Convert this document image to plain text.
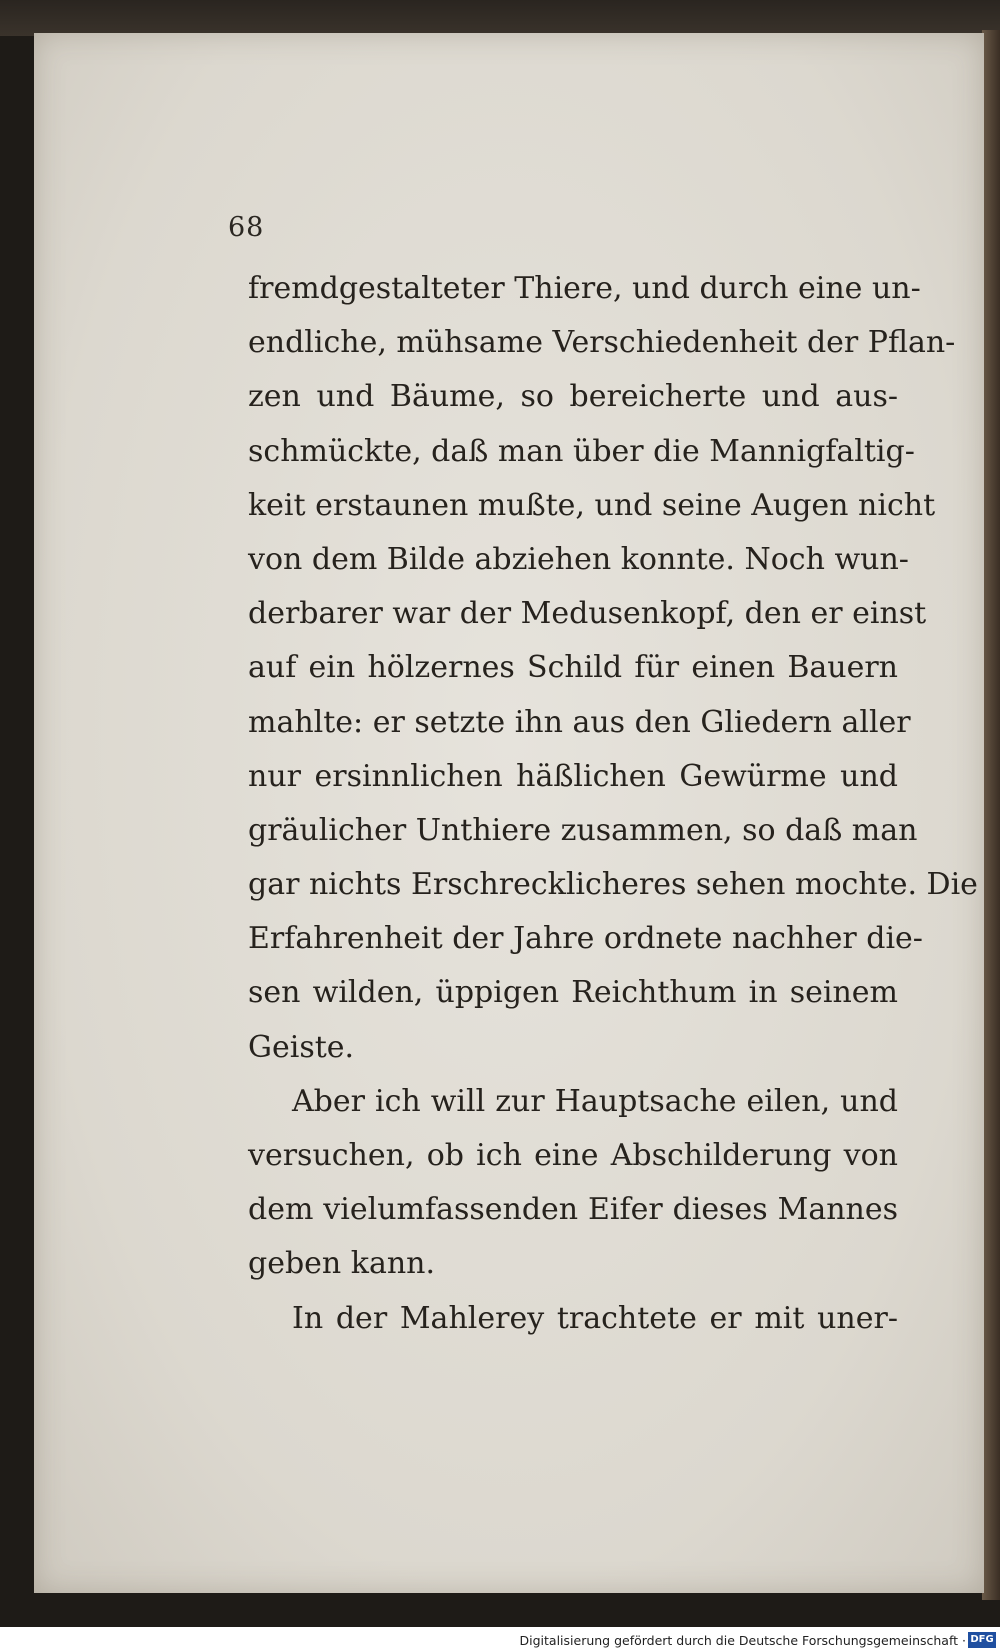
68
fremdgestalteter Thiere, und durch eine un-
endliche, mühsame Verschiedenheit der Pflan-
zen und Bäume, so bereicherte und aus-
schmückte, daß man über die Mannigfaltig-
keit erstaunen mußte, und seine Augen nicht
von dem Bilde abziehen konnte. Noch wun-
derbarer war der Medusenkopf, den er einst
auf ein hölzernes Schild für einen Bauern
mahlte: er setzte ihn aus den Gliedern aller
nur ersinnlichen häßlichen Gewürme und
gräulicher Unthiere zusammen, so daß man
gar nichts Erschrecklicheres sehen mochte. Die
Erfahrenheit der Jahre ordnete nachher die-
sen wilden, üppigen Reichthum in seinem
Geiste.
Aber ich will zur Hauptsache eilen, und
versuchen, ob ich eine Abschilderung von
dem vielumfassenden Eifer dieses Mannes
geben kann.
In der Mahlerey trachtete er mit uner-
Digitalisierung gefördert durch die Deutsche Forschungsgemeinschaft · DFG
